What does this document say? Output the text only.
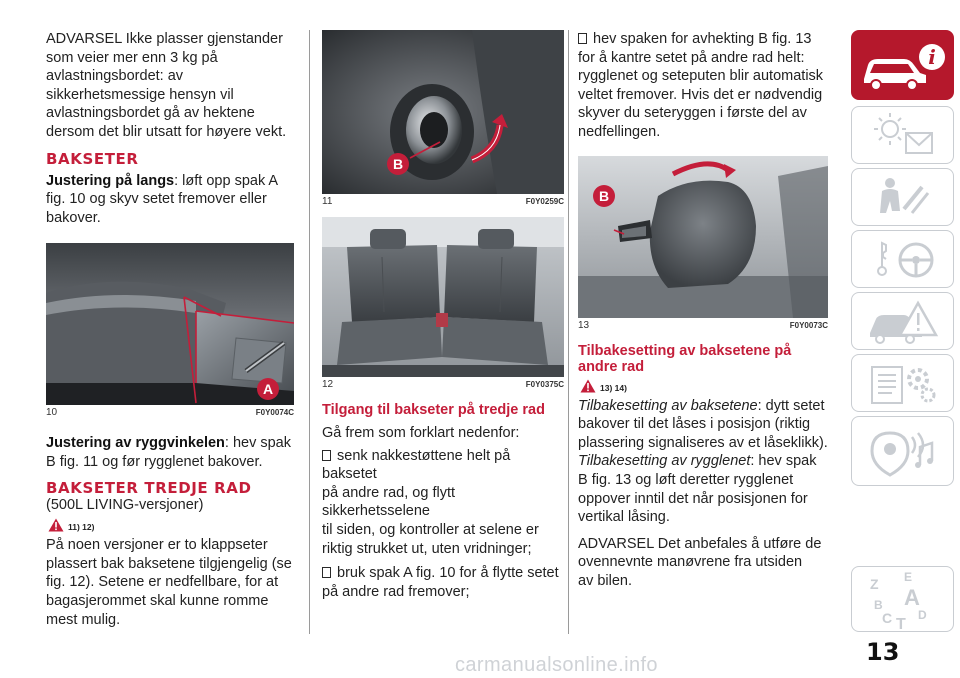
ADVARSEL Ikke plasser gjenstander
som veier mer enn 3 kg på
avlastningsbordet: av
sikkerhetsmessige hensyn vil
avlastningsbordet gå av hektene
dersom det blir utsatt for høyere vekt.
BAKSETER
Justering på langs: løft opp spak A
fig. 10 og skyv setet fremover eller
bakover.
A
10	F0Y0074C
Justering av ryggvinkelen: hev spak
B fig. 11 og før rygglenet bakover.
BAKSETER TREDJE RAD
(500L LIVING-versjoner)
11) 12)
På noen versjoner er to klappseter
plassert bak baksetene tilgjengelig (se
fig. 12). Setene er nedfellbare, for at
bagasjerommet skal kunne romme
mest mulig.
B
11	F0Y0259C
12	F0Y0375C
Tilgang til bakseter på tredje rad
Gå frem som forklart nedenfor:
senk nakkestøttene helt på baksetet
på andre rad, og flytt sikkerhetsselene
til siden, og kontroller at selene er
riktig strukket ut, uten vridninger;
bruk spak A fig. 10 for å flytte setet
på andre rad fremover;
hev spaken for avhekting B fig. 13
for å kantre setet på andre rad helt:
rygglenet og seteputen blir automatisk
veltet fremover. Hvis det er nødvendig
skyver du seteryggen i første del av
nedfellingen.
B
13	F0Y0073C
Tilbakesetting av baksetene på
andre rad
13) 14)
Tilbakesetting av baksetene: dytt setet
bakover til det låses i posisjon (riktig
plassering signaliseres av et låseklikk).
Tilbakesetting av rygglenet: hev spak
B fig. 13 og løft deretter rygglenet
oppover inntil det når posisjonen for
vertikal låsing.
ADVARSEL Det anbefales å utføre de
ovennevnte manøvrene fra utsiden
av bilen.
i
Z E
B A
C T
D
13
carmanualsonline.info
